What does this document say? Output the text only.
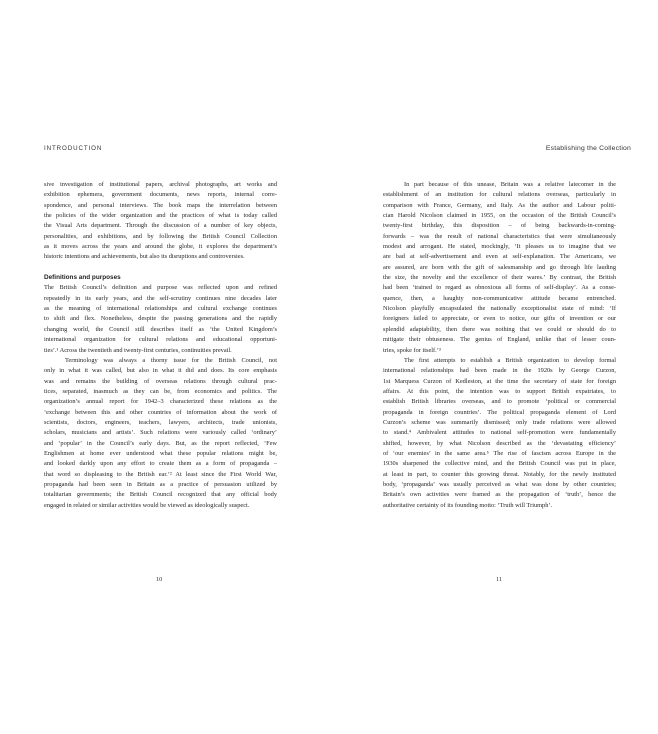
INTRODUCTION	Establishing the Collection
sive investigation of institutional papers, archival photographs, art works and
exhibition ephemera, government documents, news reports, internal corre-
spondence, and personal interviews. The book maps the interrelation between
the policies of the wider organization and the practices of what is today called
the Visual Arts department. Through the discussion of a number of key objects,
personalities, and exhibitions, and by following the British Council Collection
as it moves across the years and around the globe, it explores the department’s
historic intentions and achievements, but also its disruptions and controversies.
Definitions and purposes
The British Council’s definition and purpose was reflected upon and refined
repeatedly in its early years, and the self-scrutiny continues nine decades later
as the meaning of international relationships and cultural exchange continues
to shift and flex. Nonetheless, despite the passing generations and the rapidly
changing world, the Council still describes itself as ‘the United Kingdom’s
international organization for cultural relations and educational opportuni-
ties’.¹ Across the twentieth and twenty-first centuries, continuities prevail.
Terminology was always a thorny issue for the British Council, not
only in what it was called, but also in what it did and does. Its core emphasis
was and remains the building of overseas relations through cultural prac-
tices, separated, inasmuch as they can be, from economics and politics. The
organization’s annual report for 1942–3 characterized these relations as the
‘exchange between this and other countries of information about the work of
scientists, doctors, engineers, teachers, lawyers, architects, trade unionists,
scholars, musicians and artists’. Such relations were variously called ‘ordinary’
and ‘popular’ in the Council’s early days. But, as the report reflected, ‘Few
Englishmen at home ever understood what these popular relations might be,
and looked darkly upon any effort to create them as a form of propaganda –
that word so displeasing to the British ear.’² At least since the First World War,
propaganda had been seen in Britain as a practice of persuasion utilized by
totalitarian governments; the British Council recognized that any official body
engaged in related or similar activities would be viewed as ideologically suspect.
In part because of this unease, Britain was a relative latecomer in the
establishment of an institution for cultural relations overseas, particularly in
comparison with France, Germany, and Italy. As the author and Labour politi-
cian Harold Nicolson claimed in 1955, on the occasion of the British Council’s
twenty-first birthday, this disposition – of being backwards-in-coming-
forwards – was the result of national characteristics that were simultaneously
modest and arrogant. He stated, mockingly, ‘It pleases us to imagine that we
are bad at self-advertisement and even at self-explanation. The Americans, we
are assured, are born with the gift of salesmanship and go through life lauding
the size, the novelty and the excellence of their wares.’ By contrast, the British
had been ‘trained to regard as obnoxious all forms of self-display’. As a conse-
quence, then, a haughty non-communicative attitude became entrenched.
Nicolson playfully encapsulated the nationally exceptionalist state of mind: ‘If
foreigners failed to appreciate, or even to notice, our gifts of invention or our
splendid adaptability, then there was nothing that we could or should do to
mitigate their obtuseness. The genius of England, unlike that of lesser coun-
tries, spoke for itself.’³
The first attempts to establish a British organization to develop formal
international relationships had been made in the 1920s by George Curzon,
1st Marquess Curzon of Kedleston, at the time the secretary of state for foreign
affairs. At this point, the intention was to support British expatriates, to
establish British libraries overseas, and to promote ‘political or commercial
propaganda in foreign countries’. The political propaganda element of Lord
Curzon’s scheme was summarily dismissed; only trade relations were allowed
to stand.⁴ Ambivalent attitudes to national self-promotion were fundamentally
shifted, however, by what Nicolson described as the ‘devastating efficiency’
of ‘our enemies’ in the same area.⁵ The rise of fascism across Europe in the
1930s sharpened the collective mind, and the British Council was put in place,
at least in part, to counter this growing threat. Notably, for the newly instituted
body, ‘propaganda’ was usually perceived as what was done by other countries;
Britain’s own activities were framed as the propagation of ‘truth’, hence the
authoritative certainty of its founding motto: ‘Truth will Triumph’.
10	11
